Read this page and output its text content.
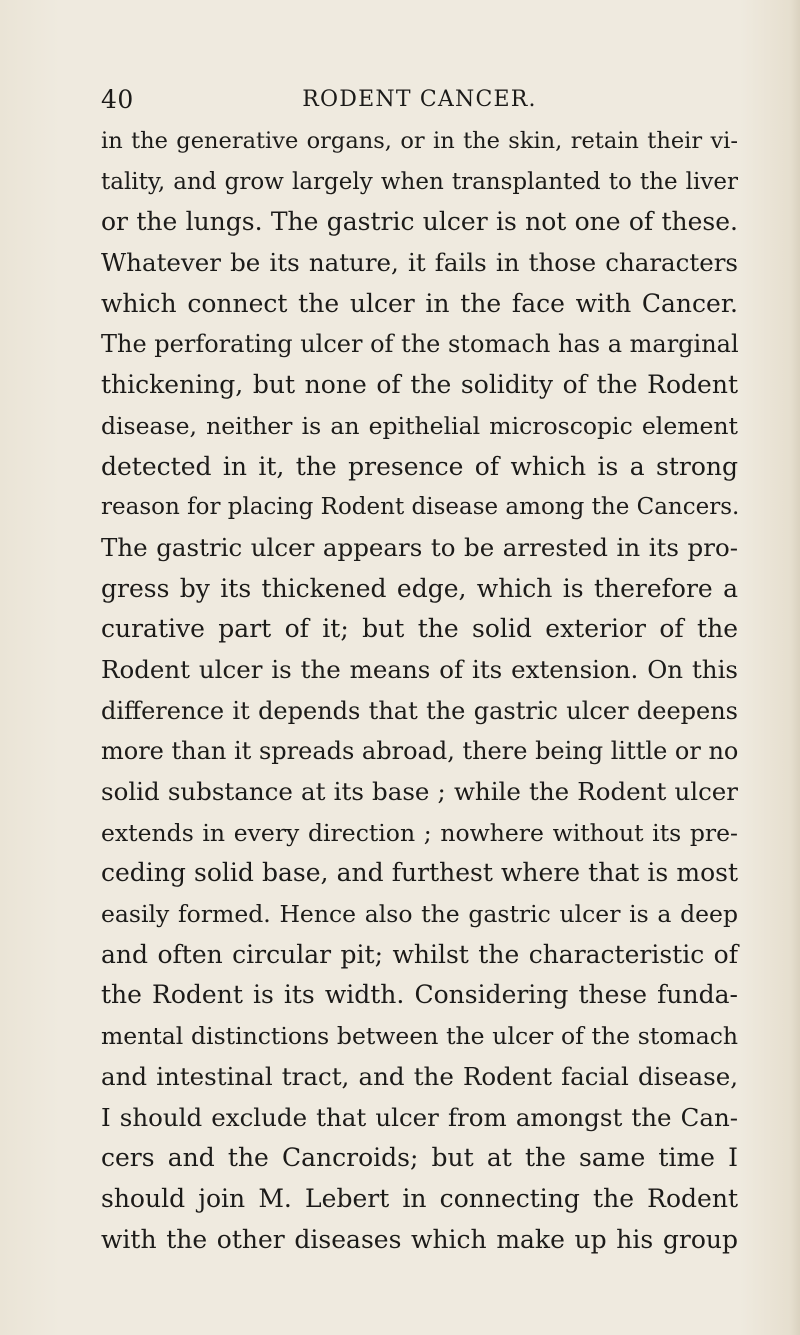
40	RODENT CANCER.
in the generative organs, or in the skin, retain their vi-
tality, and grow largely when transplanted to the liver
or the lungs. The gastric ulcer is not one of these.
Whatever be its nature, it fails in those characters
which connect the ulcer in the face with Cancer.
The perforating ulcer of the stomach has a marginal
thickening, but none of the solidity of the Rodent
disease, neither is an epithelial microscopic element
detected in it, the presence of which is a strong
reason for placing Rodent disease among the Cancers.
The gastric ulcer appears to be arrested in its pro-
gress by its thickened edge, which is therefore a
curative part of it; but the solid exterior of the
Rodent ulcer is the means of its extension. On this
difference it depends that the gastric ulcer deepens
more than it spreads abroad, there being little or no
solid substance at its base ; while the Rodent ulcer
extends in every direction ; nowhere without its pre-
ceding solid base, and furthest where that is most
easily formed. Hence also the gastric ulcer is a deep
and often circular pit; whilst the characteristic of
the Rodent is its width. Considering these funda-
mental distinctions between the ulcer of the stomach
and intestinal tract, and the Rodent facial disease,
I should exclude that ulcer from amongst the Can-
cers and the Cancroids; but at the same time I
should join M. Lebert in connecting the Rodent
with the other diseases which make up his group
